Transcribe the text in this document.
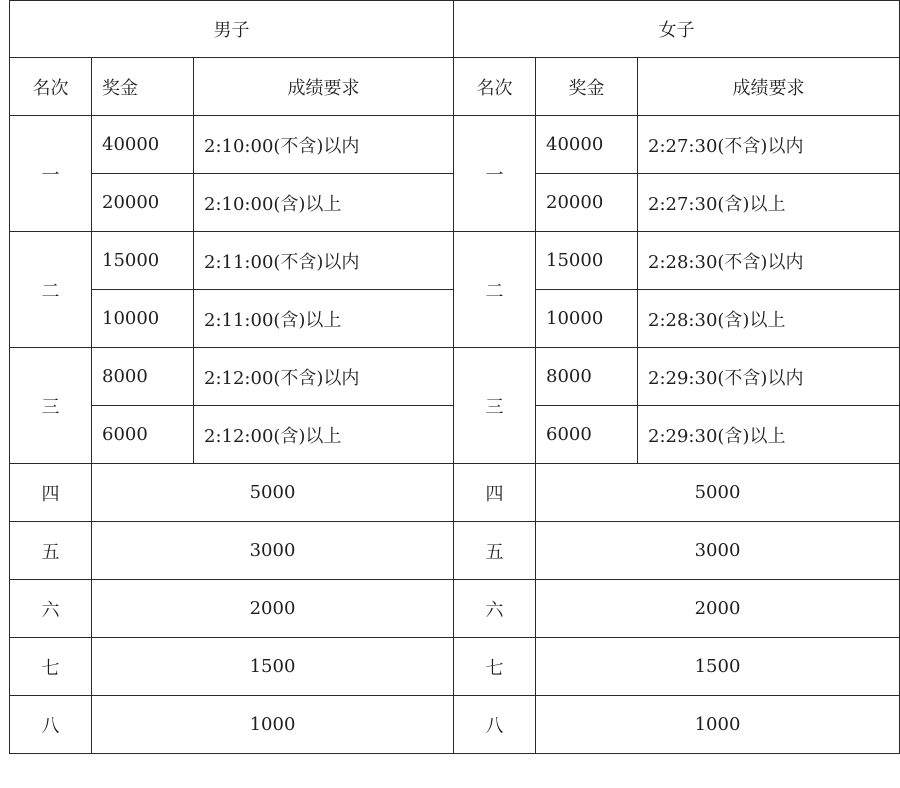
男子			女子		
名次	奖金	成绩要求	名次	奖金	成绩要求
一	40000	2:10:00(不含)以内	一	40000	2:27:30(不含)以内
	20000	2:10:00(含)以上		20000	2:27:30(含)以上
二	15000	2:11:00(不含)以内	二	15000	2:28:30(不含)以内
	10000	2:11:00(含)以上		10000	2:28:30(含)以上
三	8000	2:12:00(不含)以内	三	8000	2:29:30(不含)以内
	6000	2:12:00(含)以上		6000	2:29:30(含)以上
四	5000		四	5000	
五	3000		五	3000	
六	2000		六	2000	
七	1500		七	1500	
八	1000		八	1000	
